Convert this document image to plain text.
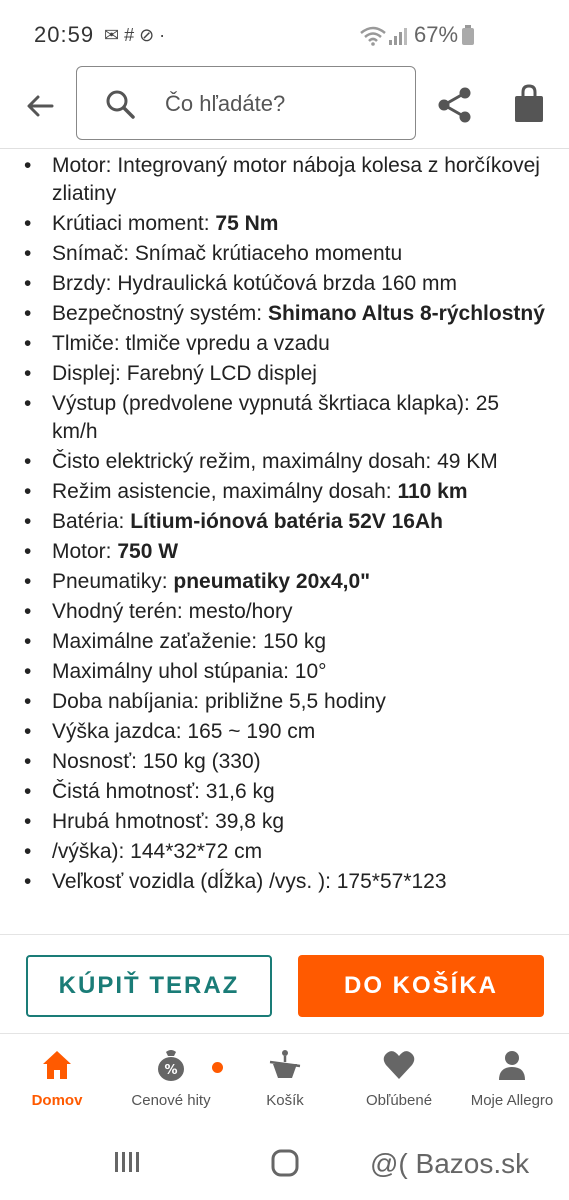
20:59 ✉ # ⊘ ·	67%
Čo hľadáte?
• Motor: Integrovaný motor náboja kolesa z horčíkovej zliatiny
• Krútiaci moment: 75 Nm
• Snímač: Snímač krútiaceho momentu
• Brzdy: Hydraulická kotúčová brzda 160 mm
• Bezpečnostný systém: Shimano Altus 8-rýchlostný
• Tlmiče: tlmiče vpredu a vzadu
• Displej: Farebný LCD displej
• Výstup (predvolene vypnutá škrtiaca klapka): 25 km/h
• Čisto elektrický režim, maximálny dosah: 49 KM
• Režim asistencie, maximálny dosah: 110 km
• Batéria: Lítium-iónová batéria 52V 16Ah
• Motor: 750 W
• Pneumatiky: pneumatiky 20x4,0"
• Vhodný terén: mesto/hory
• Maximálne zaťaženie: 150 kg
• Maximálny uhol stúpania: 10°
• Doba nabíjania: približne 5,5 hodiny
• Výška jazdca: 165 ~ 190 cm
• Nosnosť: 150 kg (330)
• Čistá hmotnosť: 31,6 kg
• Hrubá hmotnosť: 39,8 kg
• /výška): 144*32*72 cm
• Veľkosť vozidla (dĺžka) /vys. ): 175*57*123
KÚPIŤ TERAZ	DO KOŠÍKA
Domov
%
Cenové hity	Košík	Obľúbené	Moje Allegro
@( Bazos.sk
